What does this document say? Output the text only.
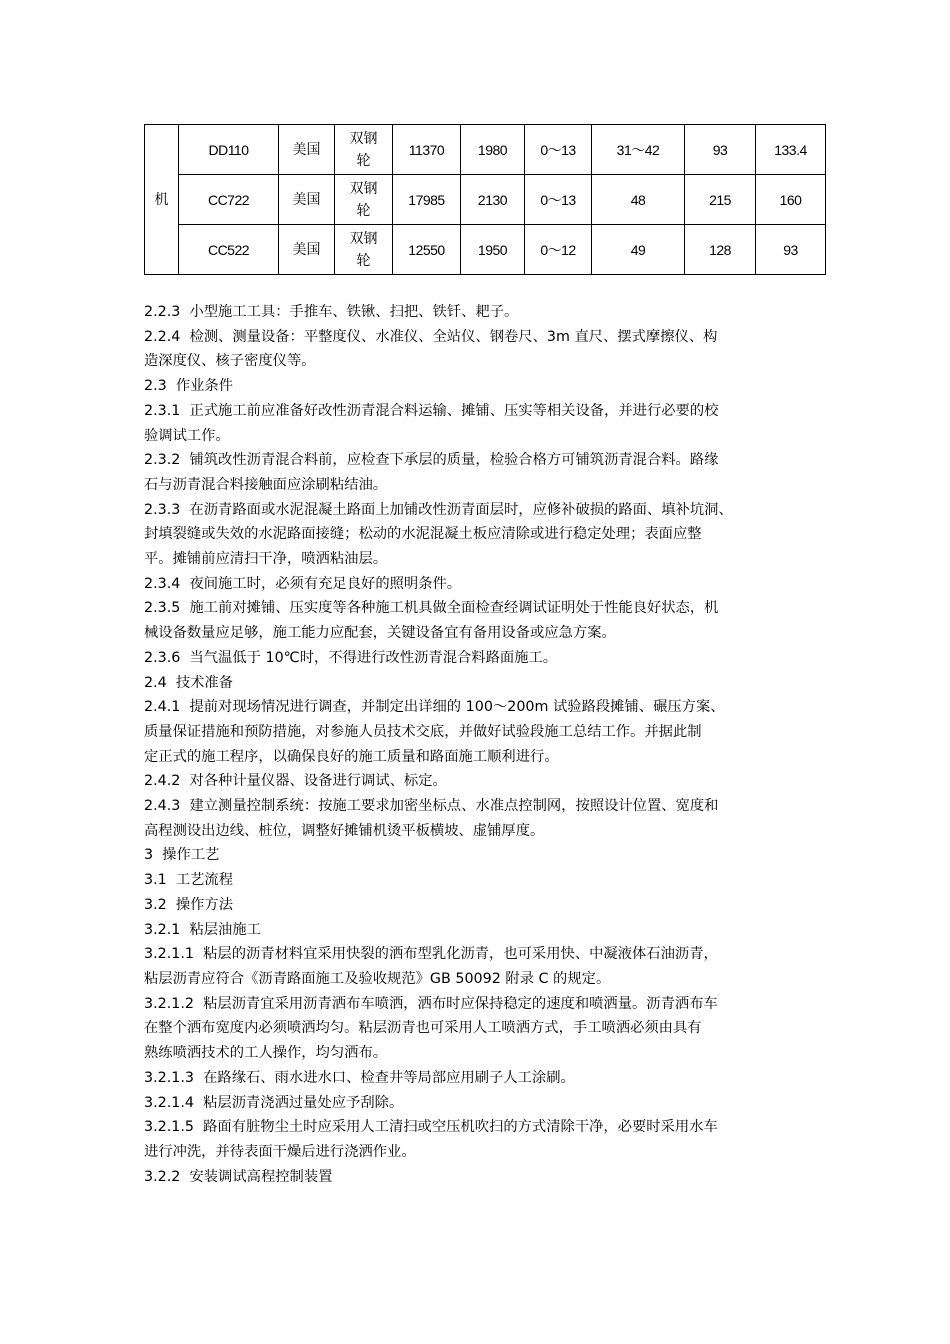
机	DD110	美国	双钢轮	11370	1980	0～13	31～42	93	133.4
	CC722	美国	双钢轮	17985	2130	0～13	48	215	160
	CC522	美国	双钢轮	12550	1950	0～12	49	128	93

2.2.3  小型施工工具：手推车、铁锹、扫把、铁钎、耙子。

2.2.4  检测、测量设备：平整度仪、水准仪、全站仪、钢卷尺、3m 直尺、摆式摩擦仪、构

造深度仪、核子密度仪等。

2.3  作业条件

2.3.1  正式施工前应准备好改性沥青混合料运输、摊铺、压实等相关设备，并进行必要的校

验调试工作。

2.3.2  铺筑改性沥青混合料前，应检查下承层的质量，检验合格方可铺筑沥青混合料。路缘

石与沥青混合料接触面应涂刷粘结油。

2.3.3  在沥青路面或水泥混凝土路面上加铺改性沥青面层时，应修补破损的路面、填补坑洞、

封填裂缝或失效的水泥路面接缝；松动的水泥混凝土板应清除或进行稳定处理；表面应整

平。摊铺前应清扫干净，喷洒粘油层。

2.3.4  夜间施工时，必须有充足良好的照明条件。

2.3.5  施工前对摊铺、压实度等各种施工机具做全面检查经调试证明处于性能良好状态，机

械设备数量应足够，施工能力应配套，关键设备宜有备用设备或应急方案。

2.3.6  当气温低于 10℃时，不得进行改性沥青混合料路面施工。

2.4  技术准备

2.4.1  提前对现场情况进行调查，并制定出详细的 100～200m 试验路段摊铺、碾压方案、

质量保证措施和预防措施，对参施人员技术交底，并做好试验段施工总结工作。并据此制

定正式的施工程序，以确保良好的施工质量和路面施工顺利进行。

2.4.2  对各种计量仪器、设备进行调试、标定。

2.4.3  建立测量控制系统：按施工要求加密坐标点、水准点控制网，按照设计位置、宽度和

高程测设出边线、桩位，调整好摊铺机烫平板横坡、虚铺厚度。

3  操作工艺

3.1  工艺流程

3.2  操作方法

3.2.1  粘层油施工

3.2.1.1  粘层的沥青材料宜采用快裂的洒布型乳化沥青，也可采用快、中凝液体石油沥青，

粘层沥青应符合《沥青路面施工及验收规范》GB 50092 附录 C 的规定。

3.2.1.2  粘层沥青宜采用沥青洒布车喷洒，洒布时应保持稳定的速度和喷洒量。沥青洒布车

在整个洒布宽度内必须喷洒均匀。粘层沥青也可采用人工喷洒方式，手工喷洒必须由具有

熟练喷洒技术的工人操作，均匀洒布。

3.2.1.3  在路缘石、雨水进水口、检查井等局部应用刷子人工涂刷。

3.2.1.4  粘层沥青浇洒过量处应予刮除。

3.2.1.5  路面有脏物尘土时应采用人工清扫或空压机吹扫的方式清除干净，必要时采用水车

进行冲洗，并待表面干燥后进行浇洒作业。

3.2.2  安装调试高程控制装置
